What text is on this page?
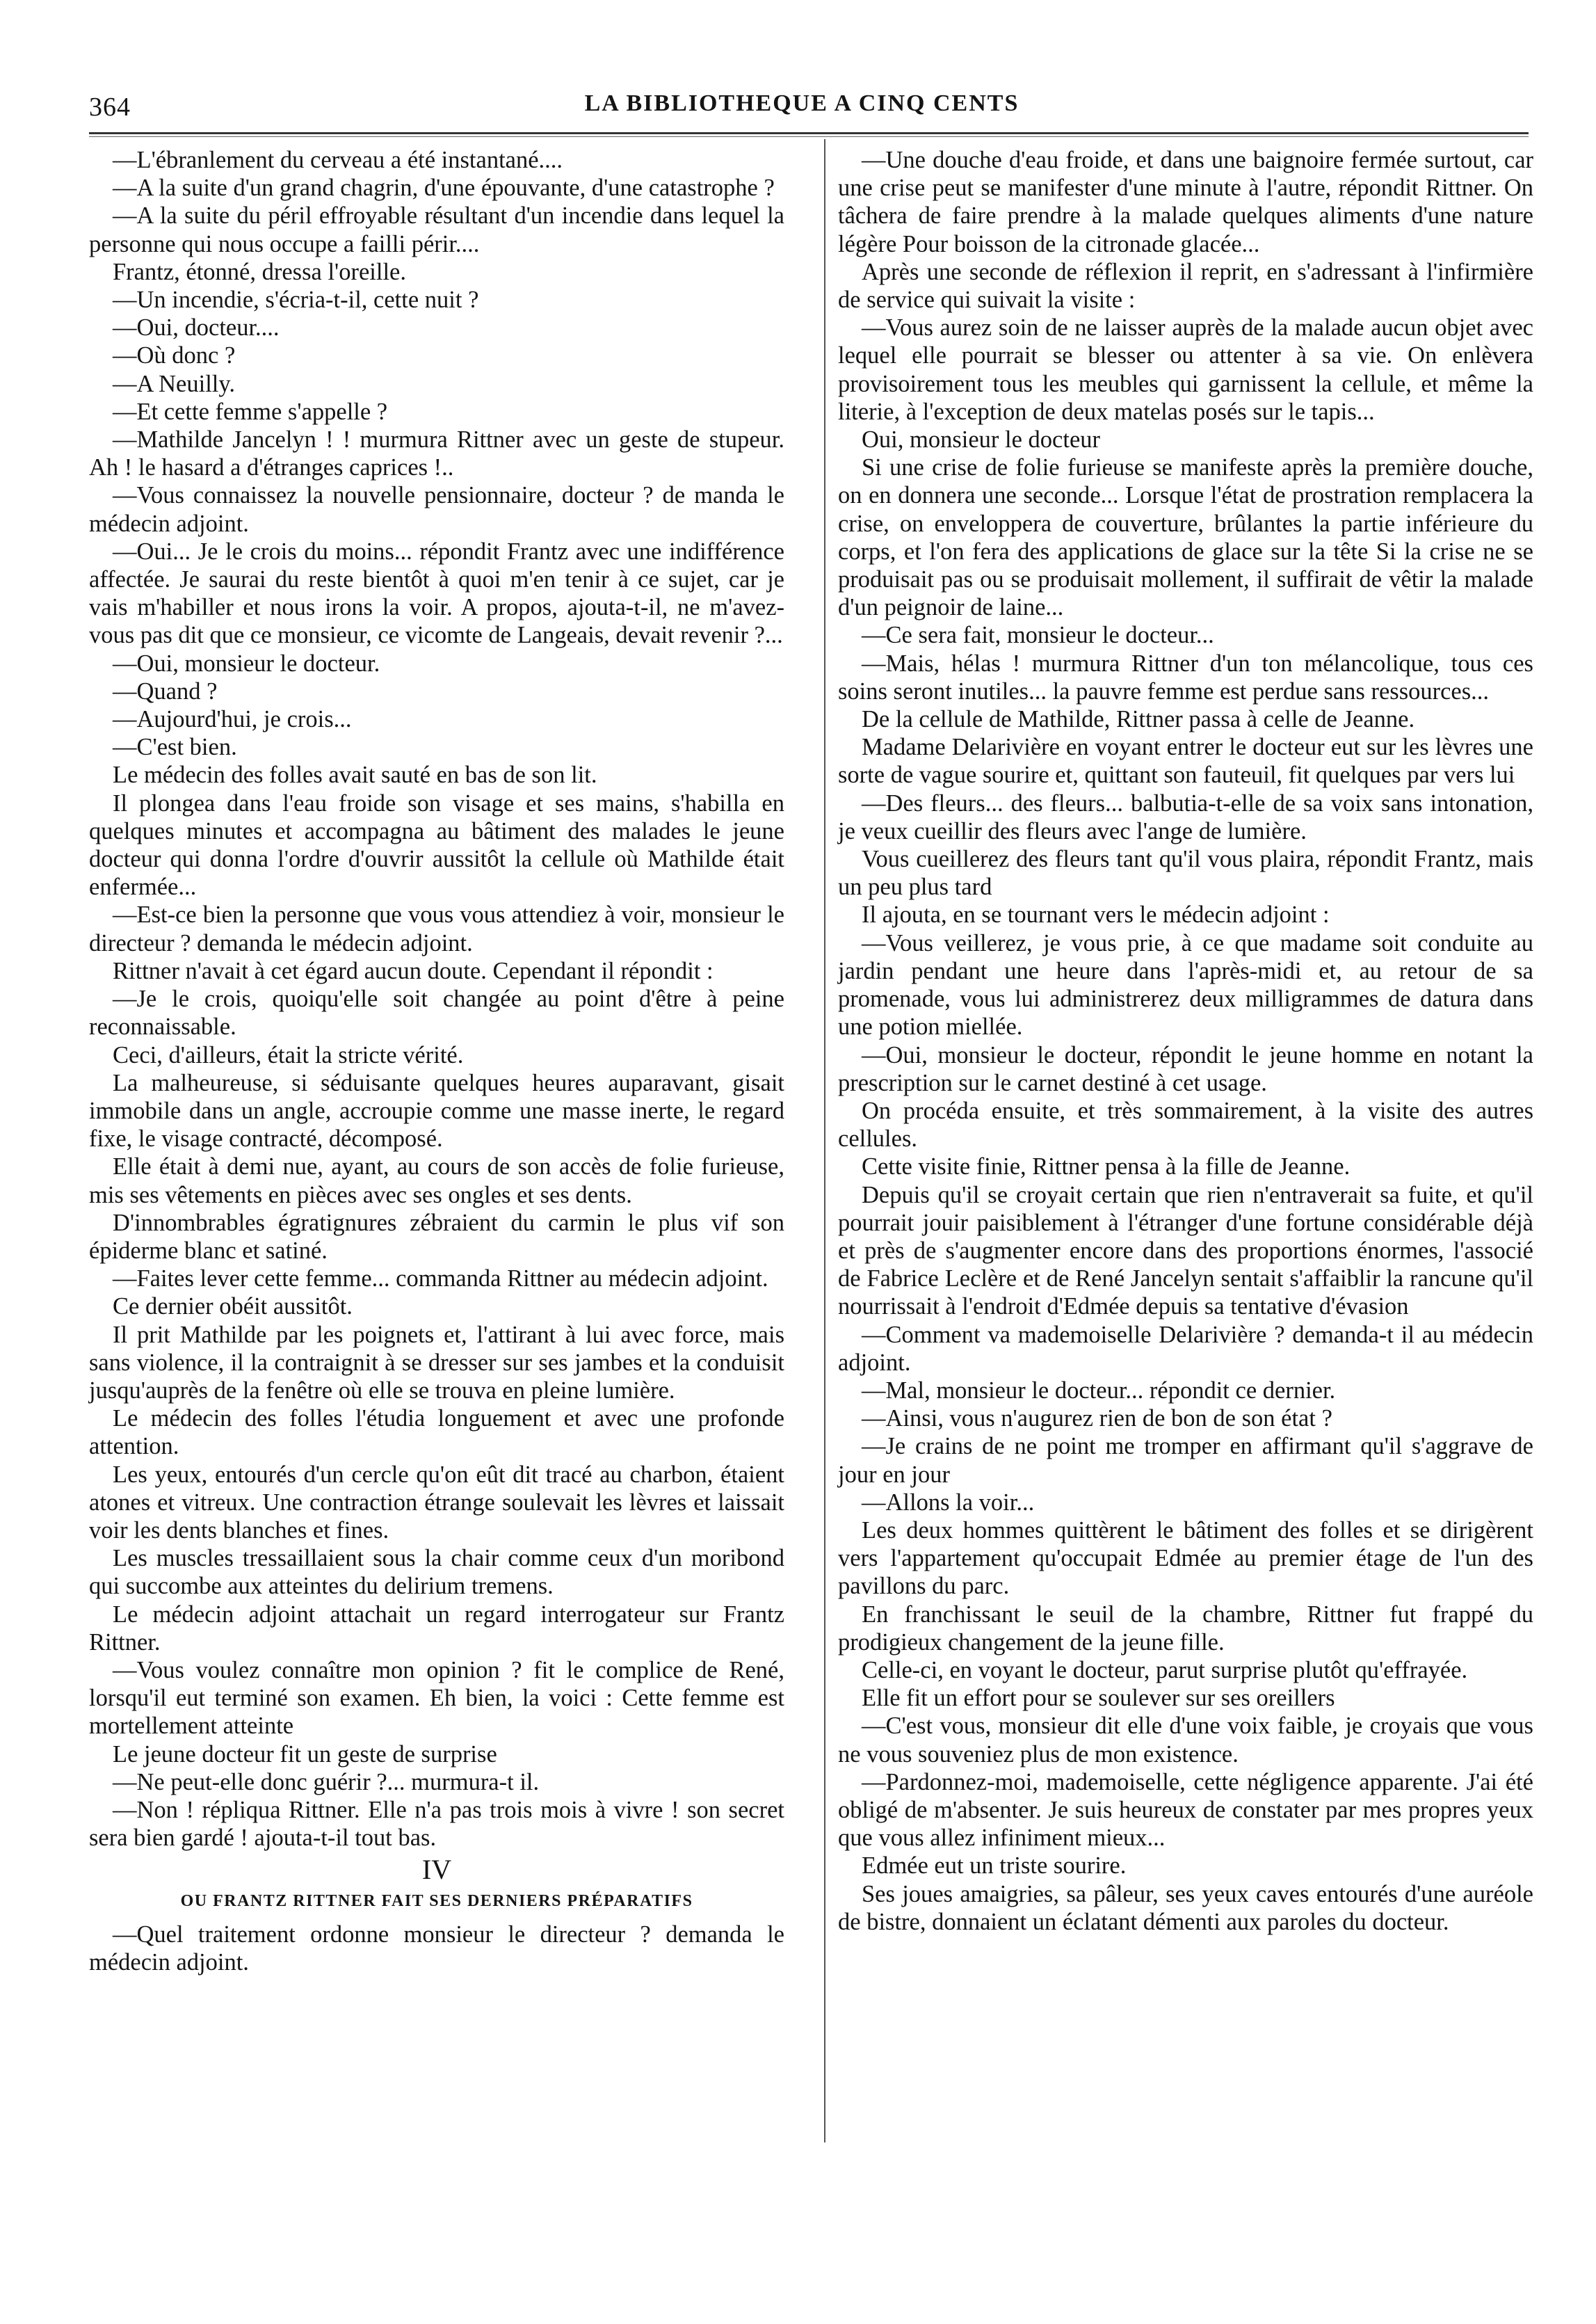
364	LA BIBLIOTHEQUE A CINQ CENTS

—L'ébranlement du cerveau a été instantané....

—A la suite d'un grand chagrin, d'une épouvante, d'une catastrophe ?

—A la suite du péril effroyable résultant d'un incendie dans lequel la personne qui nous occupe a failli périr....

Frantz, étonné, dressa l'oreille.

—Un incendie, s'écria-t-il, cette nuit ?

—Oui, docteur....

—Où donc ?

—A Neuilly.

—Et cette femme s'appelle ?

—Mathilde Jancelyn ! ! murmura Rittner avec un geste de stupeur. Ah ! le hasard a d'étranges caprices !..

—Vous connaissez la nouvelle pensionnaire, docteur ? de manda le médecin adjoint.

—Oui... Je le crois du moins... répondit Frantz avec une indifférence affectée. Je saurai du reste bientôt à quoi m'en tenir à ce sujet, car je vais m'habiller et nous irons la voir. A propos, ajouta-t-il, ne m'avez-vous pas dit que ce monsieur, ce vicomte de Langeais, devait revenir ?...

—Oui, monsieur le docteur.

—Quand ?

—Aujourd'hui, je crois...

—C'est bien.

Le médecin des folles avait sauté en bas de son lit.

Il plongea dans l'eau froide son visage et ses mains, s'habilla en quelques minutes et accompagna au bâtiment des malades le jeune docteur qui donna l'ordre d'ouvrir aussitôt la cellule où Mathilde était enfermée...

—Est-ce bien la personne que vous vous attendiez à voir, monsieur le directeur ? demanda le médecin adjoint.

Rittner n'avait à cet égard aucun doute. Cependant il répondit :

—Je le crois, quoiqu'elle soit changée au point d'être à peine reconnaissable.

Ceci, d'ailleurs, était la stricte vérité.

La malheureuse, si séduisante quelques heures auparavant, gisait immobile dans un angle, accroupie comme une masse inerte, le regard fixe, le visage contracté, décomposé.

Elle était à demi nue, ayant, au cours de son accès de folie furieuse, mis ses vêtements en pièces avec ses ongles et ses dents.

D'innombrables égratignures zébraient du carmin le plus vif son épiderme blanc et satiné.

—Faites lever cette femme... commanda Rittner au médecin adjoint.

Ce dernier obéit aussitôt.

Il prit Mathilde par les poignets et, l'attirant à lui avec force, mais sans violence, il la contraignit à se dresser sur ses jambes et la conduisit jusqu'auprès de la fenêtre où elle se trouva en pleine lumière.

Le médecin des folles l'étudia longuement et avec une profonde attention.

Les yeux, entourés d'un cercle qu'on eût dit tracé au charbon, étaient atones et vitreux. Une contraction étrange soulevait les lèvres et laissait voir les dents blanches et fines.

Les muscles tressaillaient sous la chair comme ceux d'un moribond qui succombe aux atteintes du delirium tremens.

Le médecin adjoint attachait un regard interrogateur sur Frantz Rittner.

—Vous voulez connaître mon opinion ? fit le complice de René, lorsqu'il eut terminé son examen. Eh bien, la voici : Cette femme est mortellement atteinte

Le jeune docteur fit un geste de surprise

—Ne peut-elle donc guérir ?... murmura-t il.

—Non ! répliqua Rittner. Elle n'a pas trois mois à vivre ! son secret sera bien gardé ! ajouta-t-il tout bas.

IV

OU FRANTZ RITTNER FAIT SES DERNIERS PRÉPARATIFS

—Quel traitement ordonne monsieur le directeur ? demanda le médecin adjoint.

—Une douche d'eau froide, et dans une baignoire fermée surtout, car une crise peut se manifester d'une minute à l'autre, répondit Rittner. On tâchera de faire prendre à la malade quelques aliments d'une nature légère Pour boisson de la citronade glacée...

Après une seconde de réflexion il reprit, en s'adressant à l'infirmière de service qui suivait la visite :

—Vous aurez soin de ne laisser auprès de la malade aucun objet avec lequel elle pourrait se blesser ou attenter à sa vie. On enlèvera provisoirement tous les meubles qui garnissent la cellule, et même la literie, à l'exception de deux matelas posés sur le tapis...

Oui, monsieur le docteur

Si une crise de folie furieuse se manifeste après la première douche, on en donnera une seconde... Lorsque l'état de prostration remplacera la crise, on enveloppera de couverture, brûlantes la partie inférieure du corps, et l'on fera des applications de glace sur la tête Si la crise ne se produisait pas ou se produisait mollement, il suffirait de vêtir la malade d'un peignoir de laine...

—Ce sera fait, monsieur le docteur...

—Mais, hélas ! murmura Rittner d'un ton mélancolique, tous ces soins seront inutiles... la pauvre femme est perdue sans ressources...

De la cellule de Mathilde, Rittner passa à celle de Jeanne.

Madame Delarivière en voyant entrer le docteur eut sur les lèvres une sorte de vague sourire et, quittant son fauteuil, fit quelques par vers lui

—Des fleurs... des fleurs... balbutia-t-elle de sa voix sans intonation, je veux cueillir des fleurs avec l'ange de lumière.

Vous cueillerez des fleurs tant qu'il vous plaira, répondit Frantz, mais un peu plus tard

Il ajouta, en se tournant vers le médecin adjoint :

—Vous veillerez, je vous prie, à ce que madame soit conduite au jardin pendant une heure dans l'après-midi et, au retour de sa promenade, vous lui administrerez deux milligrammes de datura dans une potion miellée.

—Oui, monsieur le docteur, répondit le jeune homme en notant la prescription sur le carnet destiné à cet usage.

On procéda ensuite, et très sommairement, à la visite des autres cellules.

Cette visite finie, Rittner pensa à la fille de Jeanne.

Depuis qu'il se croyait certain que rien n'entraverait sa fuite, et qu'il pourrait jouir paisiblement à l'étranger d'une fortune considérable déjà et près de s'augmenter encore dans des proportions énormes, l'associé de Fabrice Leclère et de René Jancelyn sentait s'affaiblir la rancune qu'il nourrissait à l'endroit d'Edmée depuis sa tentative d'évasion

—Comment va mademoiselle Delarivière ? demanda-t il au médecin adjoint.

—Mal, monsieur le docteur... répondit ce dernier.

—Ainsi, vous n'augurez rien de bon de son état ?

—Je crains de ne point me tromper en affirmant qu'il s'aggrave de jour en jour

—Allons la voir...

Les deux hommes quittèrent le bâtiment des folles et se dirigèrent vers l'appartement qu'occupait Edmée au premier étage de l'un des pavillons du parc.

En franchissant le seuil de la chambre, Rittner fut frappé du prodigieux changement de la jeune fille.

Celle-ci, en voyant le docteur, parut surprise plutôt qu'effrayée.

Elle fit un effort pour se soulever sur ses oreillers

—C'est vous, monsieur dit elle d'une voix faible, je croyais que vous ne vous souveniez plus de mon existence.

—Pardonnez-moi, mademoiselle, cette négligence apparente. J'ai été obligé de m'absenter. Je suis heureux de constater par mes propres yeux que vous allez infiniment mieux...

Edmée eut un triste sourire.

Ses joues amaigries, sa pâleur, ses yeux caves entourés d'une auréole de bistre, donnaient un éclatant démenti aux paroles du docteur.
